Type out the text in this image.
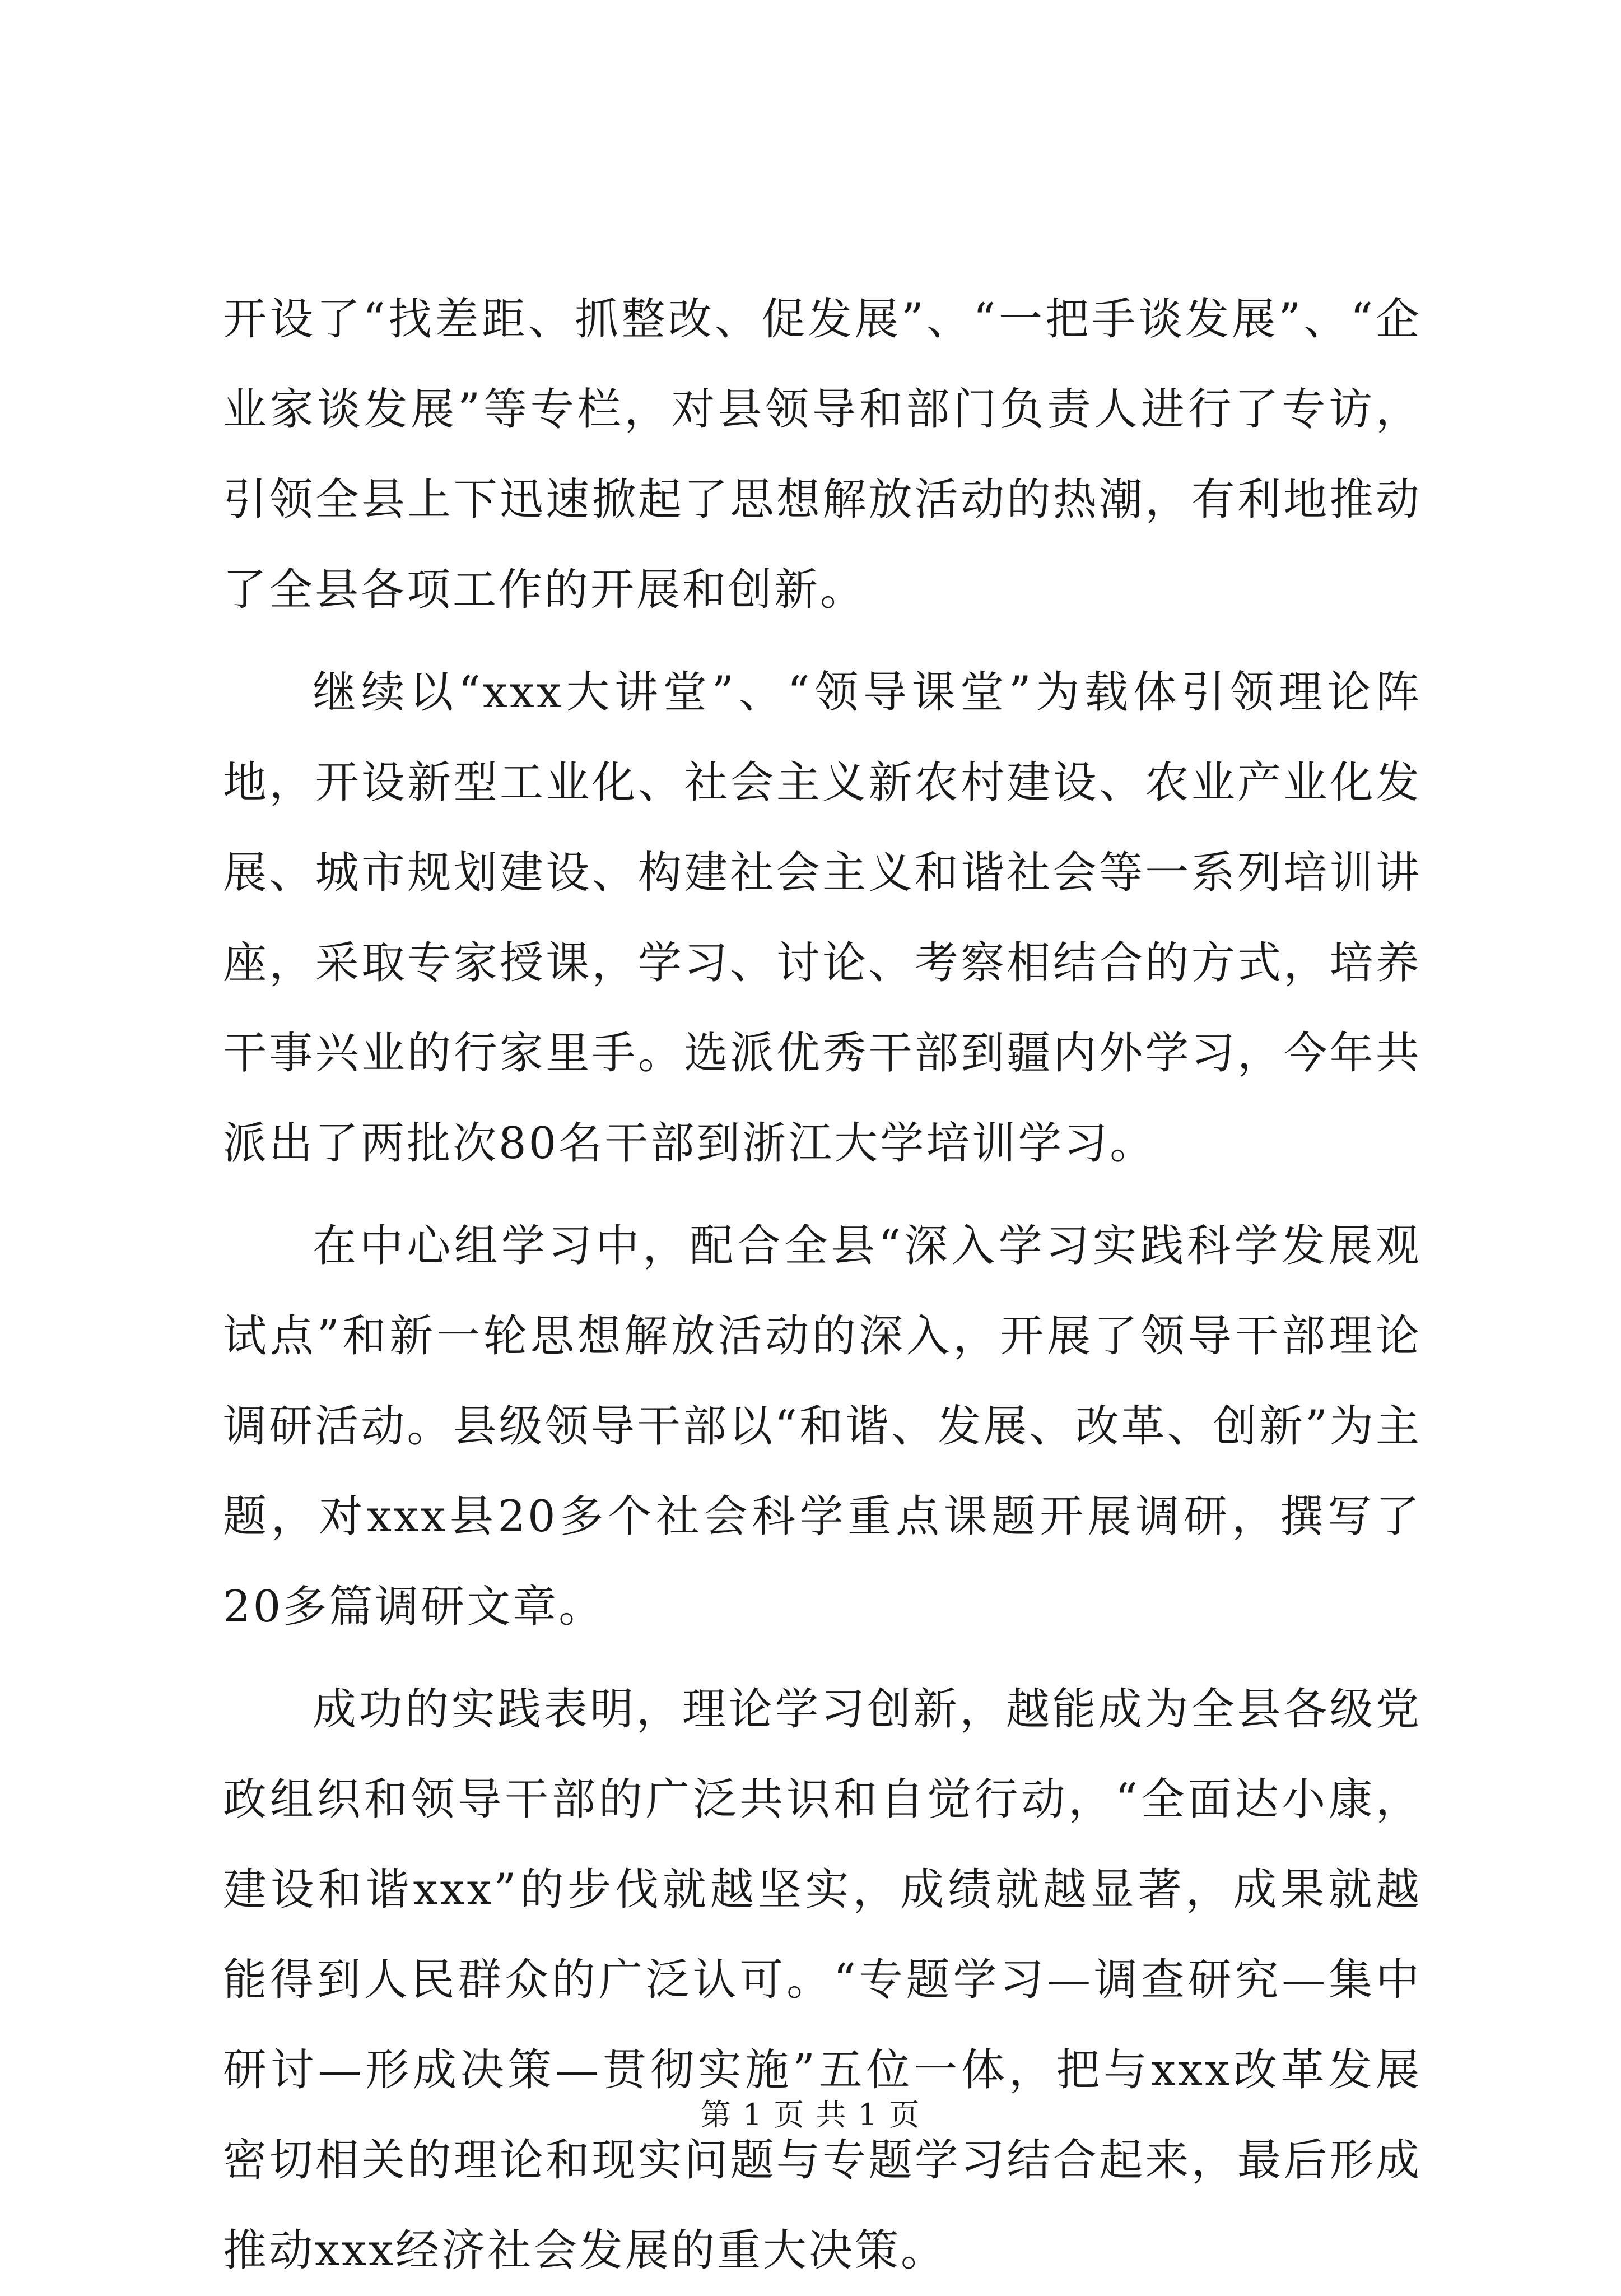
开设了“找差距、抓整改、促发展”、“一把手谈发展”、“企业家谈发展”等专栏，对县领导和部门负责人进行了专访，引领全县上下迅速掀起了思想解放活动的热潮，有利地推动了全县各项工作的开展和创新。

继续以“xxx大讲堂”、“领导课堂”为载体引领理论阵地，开设新型工业化、社会主义新农村建设、农业产业化发展、城市规划建设、构建社会主义和谐社会等一系列培训讲座，采取专家授课，学习、讨论、考察相结合的方式，培养干事兴业的行家里手。选派优秀干部到疆内外学习，今年共派出了两批次80名干部到浙江大学培训学习。

在中心组学习中，配合全县“深入学习实践科学发展观试点”和新一轮思想解放活动的深入，开展了领导干部理论调研活动。县级领导干部以“和谐、发展、改革、创新”为主题，对xxx县20多个社会科学重点课题开展调研，撰写了20多篇调研文章。

成功的实践表明，理论学习创新，越能成为全县各级党政组织和领导干部的广泛共识和自觉行动，“全面达小康，建设和谐xxx”的步伐就越坚实，成绩就越显著，成果就越能得到人民群众的广泛认可。“专题学习—调查研究—集中研讨—形成决策—贯彻实施”五位一体，把与xxx改革发展密切相关的理论和现实问题与专题学习结合起来，最后形成推动xxx经济社会发展的重大决策。

第 1 页 共 1 页
